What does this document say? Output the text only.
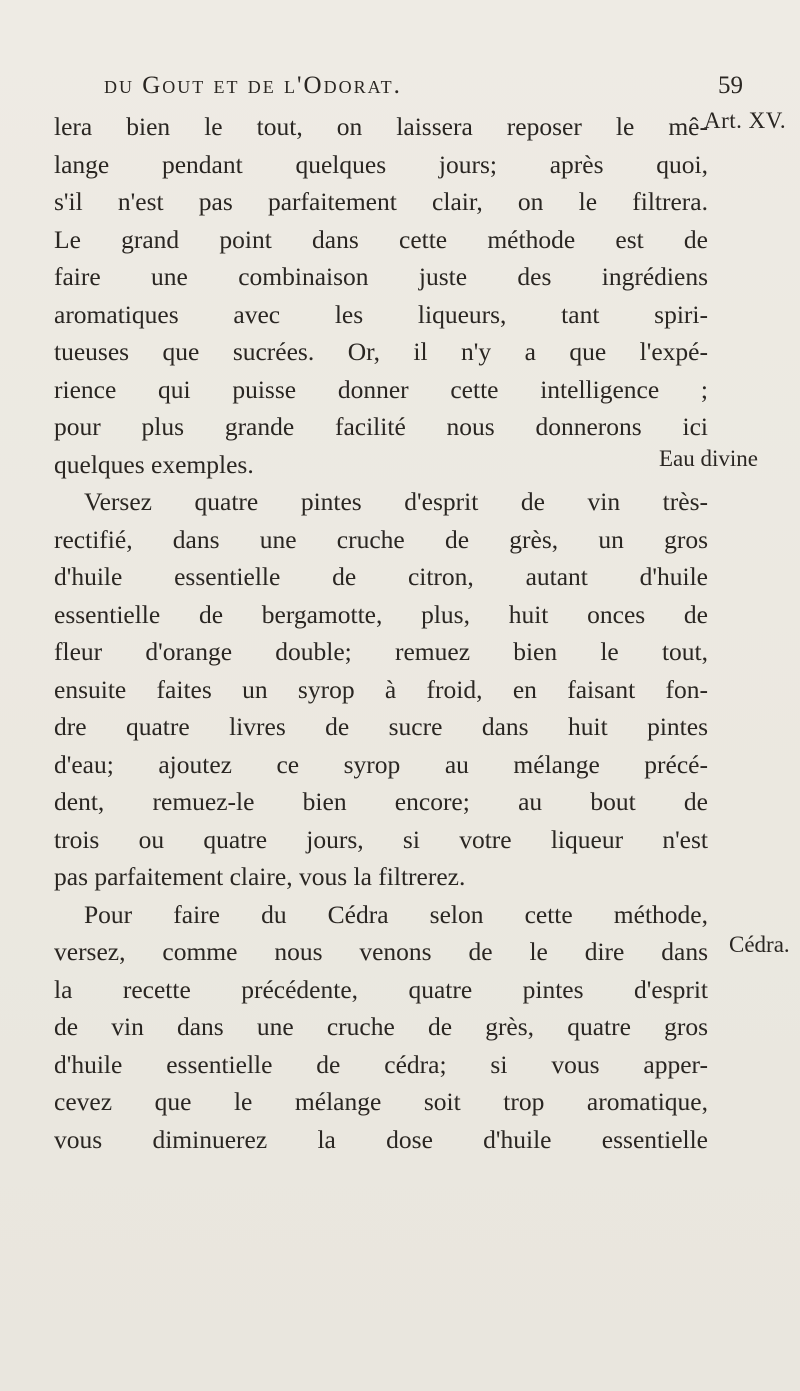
du Gout et de l'Odorat.	59
Art. XV.
Eau divine
Cédra.
lera bien le tout, on laissera reposer le mê-
lange pendant quelques jours; après quoi,
s'il n'est pas parfaitement clair, on le filtrera.
Le grand point dans cette méthode est de
faire une combinaison juste des ingrédiens
aromatiques avec les liqueurs, tant spiri-
tueuses que sucrées. Or, il n'y a que l'expé-
rience qui puisse donner cette intelligence ;
pour plus grande facilité nous donnerons ici
quelques exemples.
Versez quatre pintes d'esprit de vin très-
rectifié, dans une cruche de grès, un gros
d'huile essentielle de citron, autant d'huile
essentielle de bergamotte, plus, huit onces de
fleur d'orange double; remuez bien le tout,
ensuite faites un syrop à froid, en faisant fon-
dre quatre livres de sucre dans huit pintes
d'eau; ajoutez ce syrop au mélange précé-
dent, remuez-le bien encore; au bout de
trois ou quatre jours, si votre liqueur n'est
pas parfaitement claire, vous la filtrerez.
Pour faire du Cédra selon cette méthode,
versez, comme nous venons de le dire dans
la recette précédente, quatre pintes d'esprit
de vin dans une cruche de grès, quatre gros
d'huile essentielle de cédra; si vous apper-
cevez que le mélange soit trop aromatique,
vous diminuerez la dose d'huile essentielle
